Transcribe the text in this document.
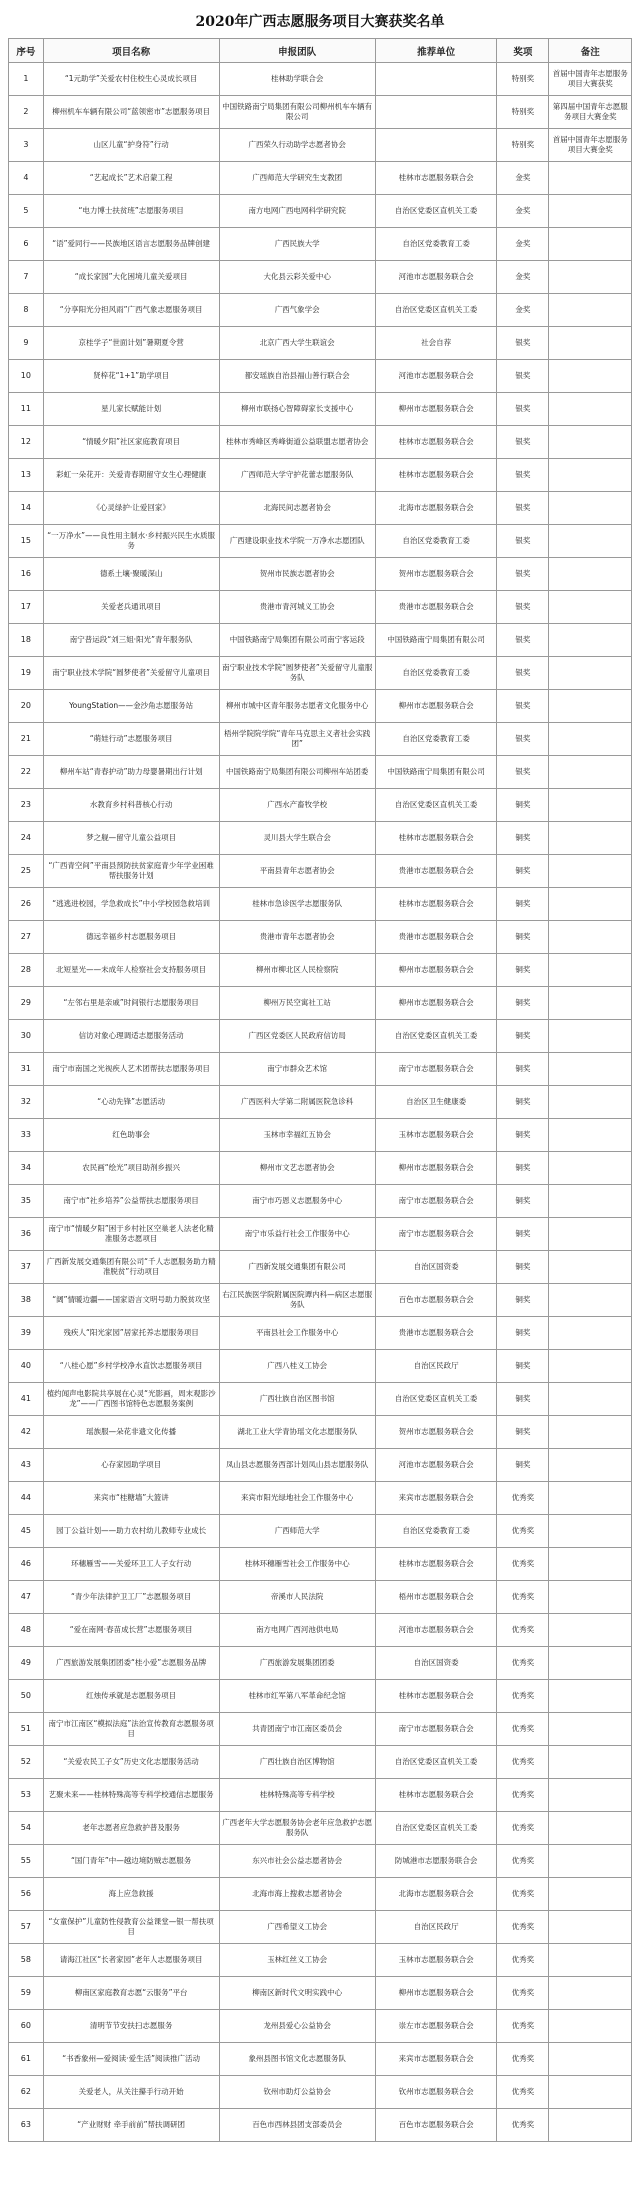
2020年广西志愿服务项目大赛获奖名单
序号	项目名称	申报团队	推荐单位	奖项	备注
1	“1元助学”关爱农村住校生心灵成长项目	桂林助学联合会		特别奖	首届中国青年志愿服务项目大赛获奖
2	柳州机车车辆有限公司“蓝领密市”志愿服务项目	中国铁路南宁局集团有限公司柳州机车车辆有限公司		特别奖	第四届中国青年志愿服务项目大赛金奖
3	山区儿童“护身符”行动	广西荣久行动助学志愿者协会		特别奖	首届中国青年志愿服务项目大赛金奖
4	“艺起成长”艺术启蒙工程	广西师范大学研究生支教团	桂林市志愿服务联合会	金奖	
5	“电力博士扶贫班”志愿服务项目	南方电网广西电网科学研究院	自治区党委区直机关工委	金奖	
6	“语”爱同行——民族地区语言志愿服务品牌创建	广西民族大学	自治区党委教育工委	金奖	
7	“成长家园”大化困境儿童关爱项目	大化县云彩关爱中心	河池市志愿服务联合会	金奖	
8	“分享阳光分担风雨”广西气象志愿服务项目	广西气象学会	自治区党委区直机关工委	金奖	
9	京桂学子“世面计划”暑期夏令营	北京广西大学生联谊会	社会自荐	银奖	
10	贤梓花“1+1”助学项目	都安瑶族自治县福山善行联合会	河池市志愿服务联合会	银奖	
11	星儿家长赋能计划	柳州市联扬心智障碍家长支援中心	柳州市志愿服务联合会	银奖	
12	“情暖夕阳”社区家庭教育项目	桂林市秀峰区秀峰街道公益联盟志愿者协会	桂林市志愿服务联合会	银奖	
13	彩虹一朵花开：关爱青春期留守女生心理健康	广西师范大学守护花蕾志愿服务队	桂林市志愿服务联合会	银奖	
14	《心灵绿护·让爱回家》	北海民间志愿者协会	北海市志愿服务联合会	银奖	
15	“一万净水”——良性用主制水·乡村振兴民生水质服务	广西建设职业技术学院一万净水志愿团队	自治区党委教育工委	银奖	
16	德系土壤·聚暖深山	贺州市民族志愿者协会	贺州市志愿服务联合会	银奖	
17	关爱老兵通讯项目	贵港市青河城义工协会	贵港市志愿服务联合会	银奖	
18	南宁普运段“刘三姐·阳光”青年服务队	中国铁路南宁局集团有限公司南宁客运段	中国铁路南宁局集团有限公司	银奖	
19	南宁职业技术学院“圆梦使者”关爱留守儿童项目	南宁职业技术学院“圆梦使者”关爱留守儿童服务队	自治区党委教育工委	银奖	
20	YoungStation——金沙角志愿服务站	柳州市城中区青年服务志愿者文化服务中心	柳州市志愿服务联合会	银奖	
21	“萌娃行动”志愿服务项目	梧州学院院学院“青年马克思主义者社会实践团”	自治区党委教育工委	银奖	
22	柳州车站“青春护动”助力母婴暑期出行计划	中国铁路南宁局集团有限公司柳州车站团委	中国铁路南宁局集团有限公司	银奖	
23	水教育乡村科普核心行动	广西水产畜牧学校	自治区党委区直机关工委	铜奖	
24	梦之舰—留守儿童公益项目	灵川县大学生联合会	桂林市志愿服务联合会	铜奖	
25	“广西青空间”平南县预防扶贫家庭青少年学业困难帮扶服务计划	平南县青年志愿者协会	贵港市志愿服务联合会	铜奖	
26	“逃逃进校园，学急救成长”中小学校园急救培训	桂林市急诊医学志愿服务队	桂林市志愿服务联合会	铜奖	
27	德远幸福乡村志愿服务项目	贵港市青年志愿者协会	贵港市志愿服务联合会	铜奖	
28	北短星光——未成年人检察社会支持服务项目	柳州市柳北区人民检察院	柳州市志愿服务联合会	铜奖	
29	“左邻右里是亲戚”时间银行志愿服务项目	柳州万民空寓社工站	柳州市志愿服务联合会	铜奖	
30	信访对象心理调适志愿服务活动	广西区党委区人民政府信访局	自治区党委区直机关工委	铜奖	
31	南宁市南国之光视疾人艺术团帮扶志愿服务项目	南宁市群众艺术馆	南宁市志愿服务联合会	铜奖	
32	“心动先锋”志愿活动	广西医科大学第二附属医院急诊科	自治区卫生健康委	铜奖	
33	红色助事会	玉林市幸福红五协会	玉林市志愿服务联合会	铜奖	
34	农民画“绘光”项目助剂乡振兴	柳州市文艺志愿者协会	柳州市志愿服务联合会	铜奖	
35	南宁市“社乡培养”公益帮扶志愿服务项目	南宁市巧恩义志愿服务中心	南宁市志愿服务联合会	铜奖	
36	南宁市“情暖夕阳”困于乡村社区空巢老人法老化精准服务志愿项目	南宁市乐益行社会工作服务中心	南宁市志愿服务联合会	铜奖	
37	广西新发展交通集团有限公司“千人志愿服务助力精准脱贫”行动项目	广西新发展交通集团有限公司	自治区国资委	铜奖	
38	“阔”情暖边疆——国家语言文明号助力脱贫攻坚	右江民族医学院附属医院谭内科—病区志愿服务队	百色市志愿服务联合会	铜奖	
39	残疾人“阳光家园”居家托养志愿服务项目	平南县社会工作服务中心	贵港市志愿服务联合会	铜奖	
40	“八桂心愿”乡村学校净水直饮志愿服务项目	广西八桂义工协会	自治区民政厅	铜奖	
41	植约闻声电影院共享展在心灵“光影画，周末观影沙龙”——广西图书馆特色志愿服务案例	广西壮族自治区图书馆	自治区党委区直机关工委	铜奖	
42	瑶族服—朵花非遗文化传播	湖北工业大学青协瑶文化志愿服务队	贺州市志愿服务联合会	铜奖	
43	心存家园助学项目	凤山县志愿服务西部计划凤山县志愿服务队	河池市志愿服务联合会	铜奖	
44	来宾市“桂糖墙”大篮讲	来宾市阳光绿地社会工作服务中心	来宾市志愿服务联合会	优秀奖	
45	园丁公益计划——助力农村幼儿教师专业成长	广西师范大学	自治区党委教育工委	优秀奖	
46	环穗雁雪——关爱环卫工人子女行动	桂林环穗雁雪社会工作服务中心	桂林市志愿服务联合会	优秀奖	
47	“青少年法律护卫工厂”志愿服务项目	帝溪市人民法院	梧州市志愿服务联合会	优秀奖	
48	“爱在南网·春苗成长营”志愿服务项目	南方电网广西河池供电局	河池市志愿服务联合会	优秀奖	
49	广西旅游发展集团团委“桂小爱”志愿服务品牌	广西旅游发展集团团委	自治区国资委	优秀奖	
50	红烛传承就是志愿服务项目	桂林市红军第八军革命纪念馆	桂林市志愿服务联合会	优秀奖	
51	南宁市江南区“模拟法庭”法治宣传教育志愿服务项目	共青团南宁市江南区委员会	南宁市志愿服务联合会	优秀奖	
52	“关爱农民工子女”历史文化志愿服务活动	广西壮族自治区博物馆	自治区党委区直机关工委	优秀奖	
53	艺聚未来——桂林特殊高等专科学校通信志愿服务	桂林特殊高等专科学校	桂林市志愿服务联合会	优秀奖	
54	老年志愿者应急救护普及服务	广西老年大学志愿服务协会老年应急救护志愿服务队	自治区党委区直机关工委	优秀奖	
55	“国门青年”中—越边境防贼志愿服务	东兴市社会公益志愿者协会	防城港市志愿服务联合会	优秀奖	
56	海上应急救援	北海市海上搜救志愿者协会	北海市志愿服务联合会	优秀奖	
57	“女童保护”儿童防性侵教育公益课堂—银一帮扶项目	广西希望义工协会	自治区民政厅	优秀奖	
58	请海江社区“长者家园”老年人志愿服务项目	玉林红丝义工协会	玉林市志愿服务联合会	优秀奖	
59	柳南区家庭教育志愿“云服务”平台	柳南区新时代文明实践中心	柳州市志愿服务联合会	优秀奖	
60	清明节节安扶扫志愿服务	龙州县爱心公益协会	崇左市志愿服务联合会	优秀奖	
61	“书香象州—爱阅读·爱生活”阅读推广活动	象州县图书馆文化志愿服务队	来宾市志愿服务联合会	优秀奖	
62	关爱老人，从关注攥手行动开始	钦州市助灯公益协会	钦州市志愿服务联合会	优秀奖	
63	“产业财财 牵手前前”帮扶调研团	百色市西林县团支部委员会	百色市志愿服务联合会	优秀奖	
